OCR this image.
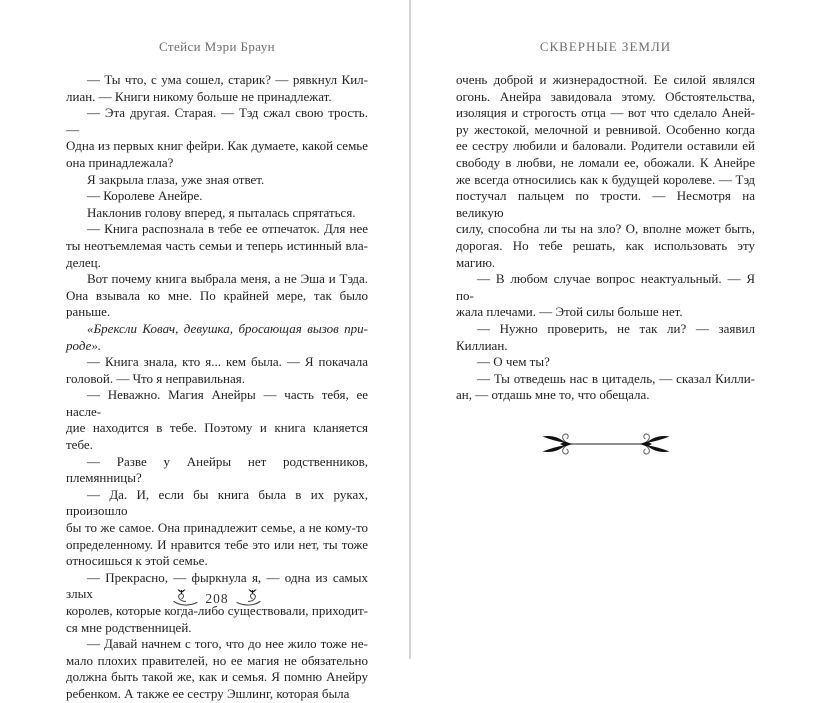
Стейси Мэри Браун
— Ты что, с ума сошел, старик? — рявкнул Кил-
лиан. — Книги никому больше не принадлежат.
— Эта другая. Старая. — Тэд сжал свою трость. —
Одна из первых книг фейри. Как думаете, какой семье
она принадлежала?
Я закрыла глаза, уже зная ответ.
— Королеве Анейре.
Наклонив голову вперед, я пыталась спрятаться.
— Книга распознала в тебе ее отпечаток. Для нее
ты неотъемлемая часть семьи и теперь истинный вла-
делец.
Вот почему книга выбрала меня, а не Эша и Тэда.
Она взывала ко мне. По крайней мере, так было раньше.
«Брексли Ковач, девушка, бросающая вызов при-
роде».
— Книга знала, кто я... кем была. — Я покачала
головой. — Что я неправильная.
— Неважно. Магия Анейры — часть тебя, ее насле-
дие находится в тебе. Поэтому и книга кланяется тебе.
— Разве у Анейры нет родственников, племянницы?
— Да. И, если бы книга была в их руках, произошло
бы то же самое. Она принадлежит семье, а не кому-то
определенному. И нравится тебе это или нет, ты тоже
относишься к этой семье.
— Прекрасно, — фыркнула я, — одна из самых злых
королев, которые когда-либо существовали, приходит-
ся мне родственницей.
— Давай начнем с того, что до нее жило тоже не-
мало плохих правителей, но ее магия не обязательно
должна быть такой же, как и семья. Я помню Анейру
ребенком. А также ее сестру Эшлинг, которая была
208
СКВЕРНЫЕ ЗЕМЛИ
очень доброй и жизнерадостной. Ее силой являлся
огонь. Анейра завидовала этому. Обстоятельства,
изоляция и строгость отца — вот что сделало Аней-
ру жестокой, мелочной и ревнивой. Особенно когда
ее сестру любили и баловали. Родители оставили ей
свободу в любви, не ломали ее, обожали. К Анейре
же всегда относились как к будущей королеве. — Тэд
постучал пальцем по трости. — Несмотря на великую
силу, способна ли ты на зло? О, вполне может быть,
дорогая. Но тебе решать, как использовать эту магию.
— В любом случае вопрос неактуальный. — Я по-
жала плечами. — Этой силы больше нет.
— Нужно проверить, не так ли? — заявил Киллиан.
— О чем ты?
— Ты отведешь нас в цитадель, — сказал Килли-
ан, — отдашь мне то, что обещала.
